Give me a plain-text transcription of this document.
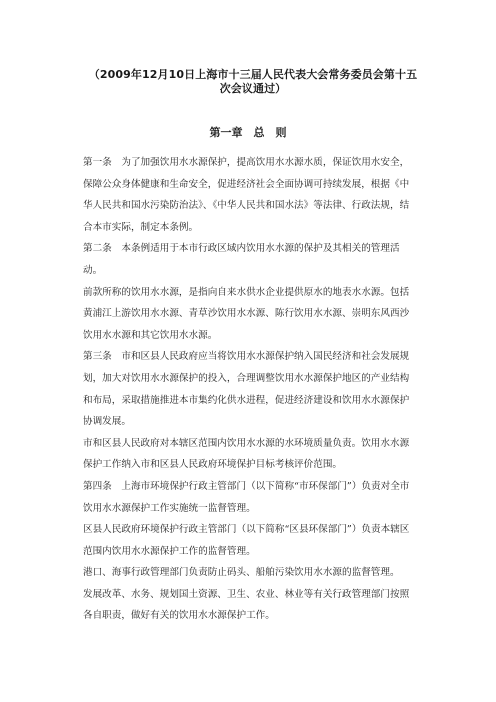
（2009年12月10日上海市十三届人民代表大会常务委员会第十五次会议通过）
第一章　总　则

第一条　为了加强饮用水水源保护，提高饮用水水源水质，保证饮用水安全，保障公众身体健康和生命安全，促进经济社会全面协调可持续发展，根据《中华人民共和国水污染防治法》、《中华人民共和国水法》等法律、行政法规，结合本市实际，制定本条例。

第二条　本条例适用于本市行政区域内饮用水水源的保护及其相关的管理活动。

前款所称的饮用水水源，是指向自来水供水企业提供原水的地表水水源。包括黄浦江上游饮用水水源、青草沙饮用水水源、陈行饮用水水源、崇明东风西沙饮用水水源和其它饮用水水源。

第三条　市和区县人民政府应当将饮用水水源保护纳入国民经济和社会发展规划，加大对饮用水水源保护的投入，合理调整饮用水水源保护地区的产业结构和布局，采取措施推进本市集约化供水进程，促进经济建设和饮用水水源保护协调发展。

市和区县人民政府对本辖区范围内饮用水水源的水环境质量负责。饮用水水源保护工作纳入市和区县人民政府环境保护目标考核评价范围。

第四条　上海市环境保护行政主管部门（以下简称“市环保部门”）负责对全市饮用水水源保护工作实施统一监督管理。

区县人民政府环境保护行政主管部门（以下简称“区县环保部门”）负责本辖区范围内饮用水水源保护工作的监督管理。

港口、海事行政管理部门负责防止码头、船舶污染饮用水水源的监督管理。

发展改革、水务、规划国土资源、卫生、农业、林业等有关行政管理部门按照各自职责，做好有关的饮用水水源保护工作。
